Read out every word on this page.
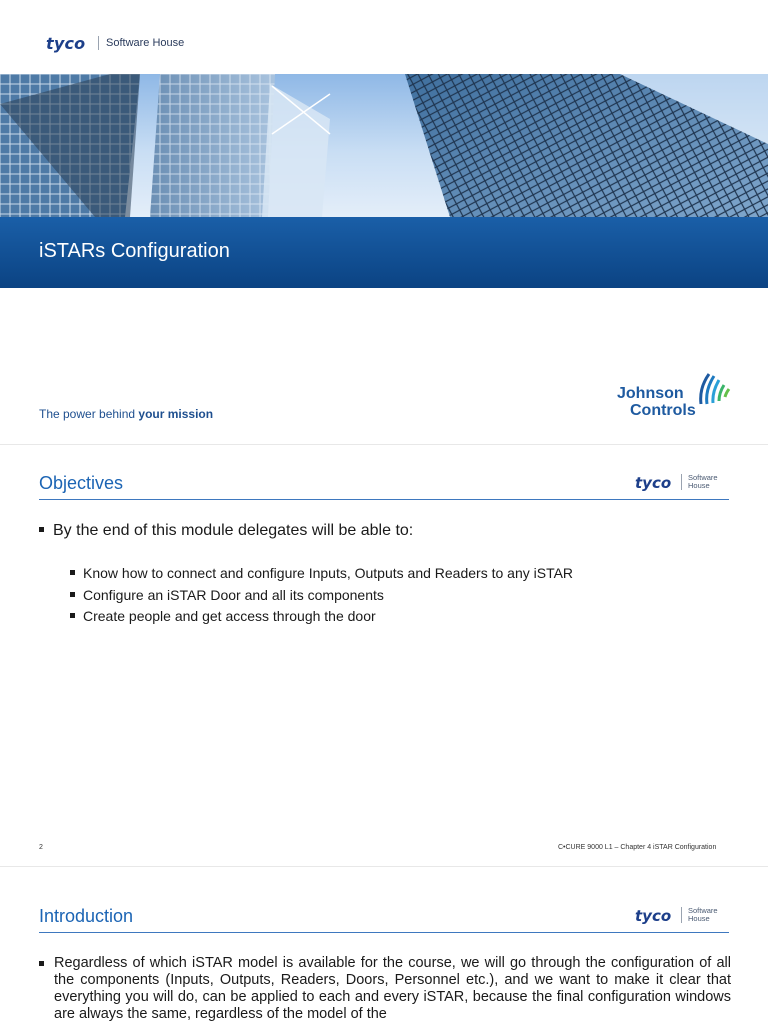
tyco Software House
iSTARs Configuration
The power behind your mission
Johnson
Controls
Objectives	tyco Software
House
By the end of this module delegates will be able to:
Know how to connect and configure Inputs, Outputs and Readers to any iSTAR
Configure an iSTAR Door and all its components
Create people and get access through the door
2	C•CURE 9000 L1 – Chapter 4 iSTAR Configuration
Introduction	tyco Software
House
Regardless of which iSTAR model is available for the course, we will go through the configuration of all the components (Inputs, Outputs, Readers, Doors, Personnel etc.), and we want to make it clear that everything you will do, can be applied to each and every iSTAR, because the final configuration windows are always the same, regardless of the model of the
